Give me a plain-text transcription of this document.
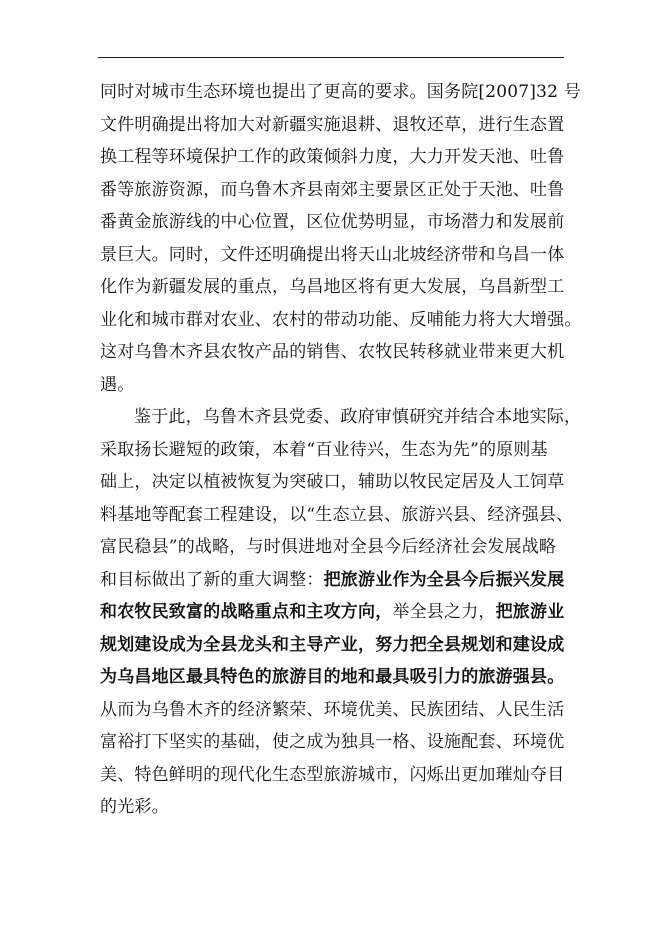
同时对城市生态环境也提出了更高的要求。国务院[2007]32 号
文件明确提出将加大对新疆实施退耕、退牧还草，进行生态置
换工程等环境保护工作的政策倾斜力度，大力开发天池、吐鲁
番等旅游资源，而乌鲁木齐县南郊主要景区正处于天池、吐鲁
番黄金旅游线的中心位置，区位优势明显，市场潜力和发展前
景巨大。同时，文件还明确提出将天山北坡经济带和乌昌一体
化作为新疆发展的重点，乌昌地区将有更大发展，乌昌新型工
业化和城市群对农业、农村的带动功能、反哺能力将大大增强。
这对乌鲁木齐县农牧产品的销售、农牧民转移就业带来更大机
遇。
鉴于此，乌鲁木齐县党委、政府审慎研究并结合本地实际，
采取扬长避短的政策，本着“百业待兴，生态为先”的原则基
础上，决定以植被恢复为突破口，辅助以牧民定居及人工饲草
料基地等配套工程建设，以“生态立县、旅游兴县、经济强县、
富民稳县”的战略，与时俱进地对全县今后经济社会发展战略
和目标做出了新的重大调整：把旅游业作为全县今后振兴发展
和农牧民致富的战略重点和主攻方向，举全县之力，把旅游业
规划建设成为全县龙头和主导产业，努力把全县规划和建设成
为乌昌地区最具特色的旅游目的地和最具吸引力的旅游强县。
从而为乌鲁木齐的经济繁荣、环境优美、民族团结、人民生活
富裕打下坚实的基础，使之成为独具一格、设施配套、环境优
美、特色鲜明的现代化生态型旅游城市，闪烁出更加璀灿夺目
的光彩。
